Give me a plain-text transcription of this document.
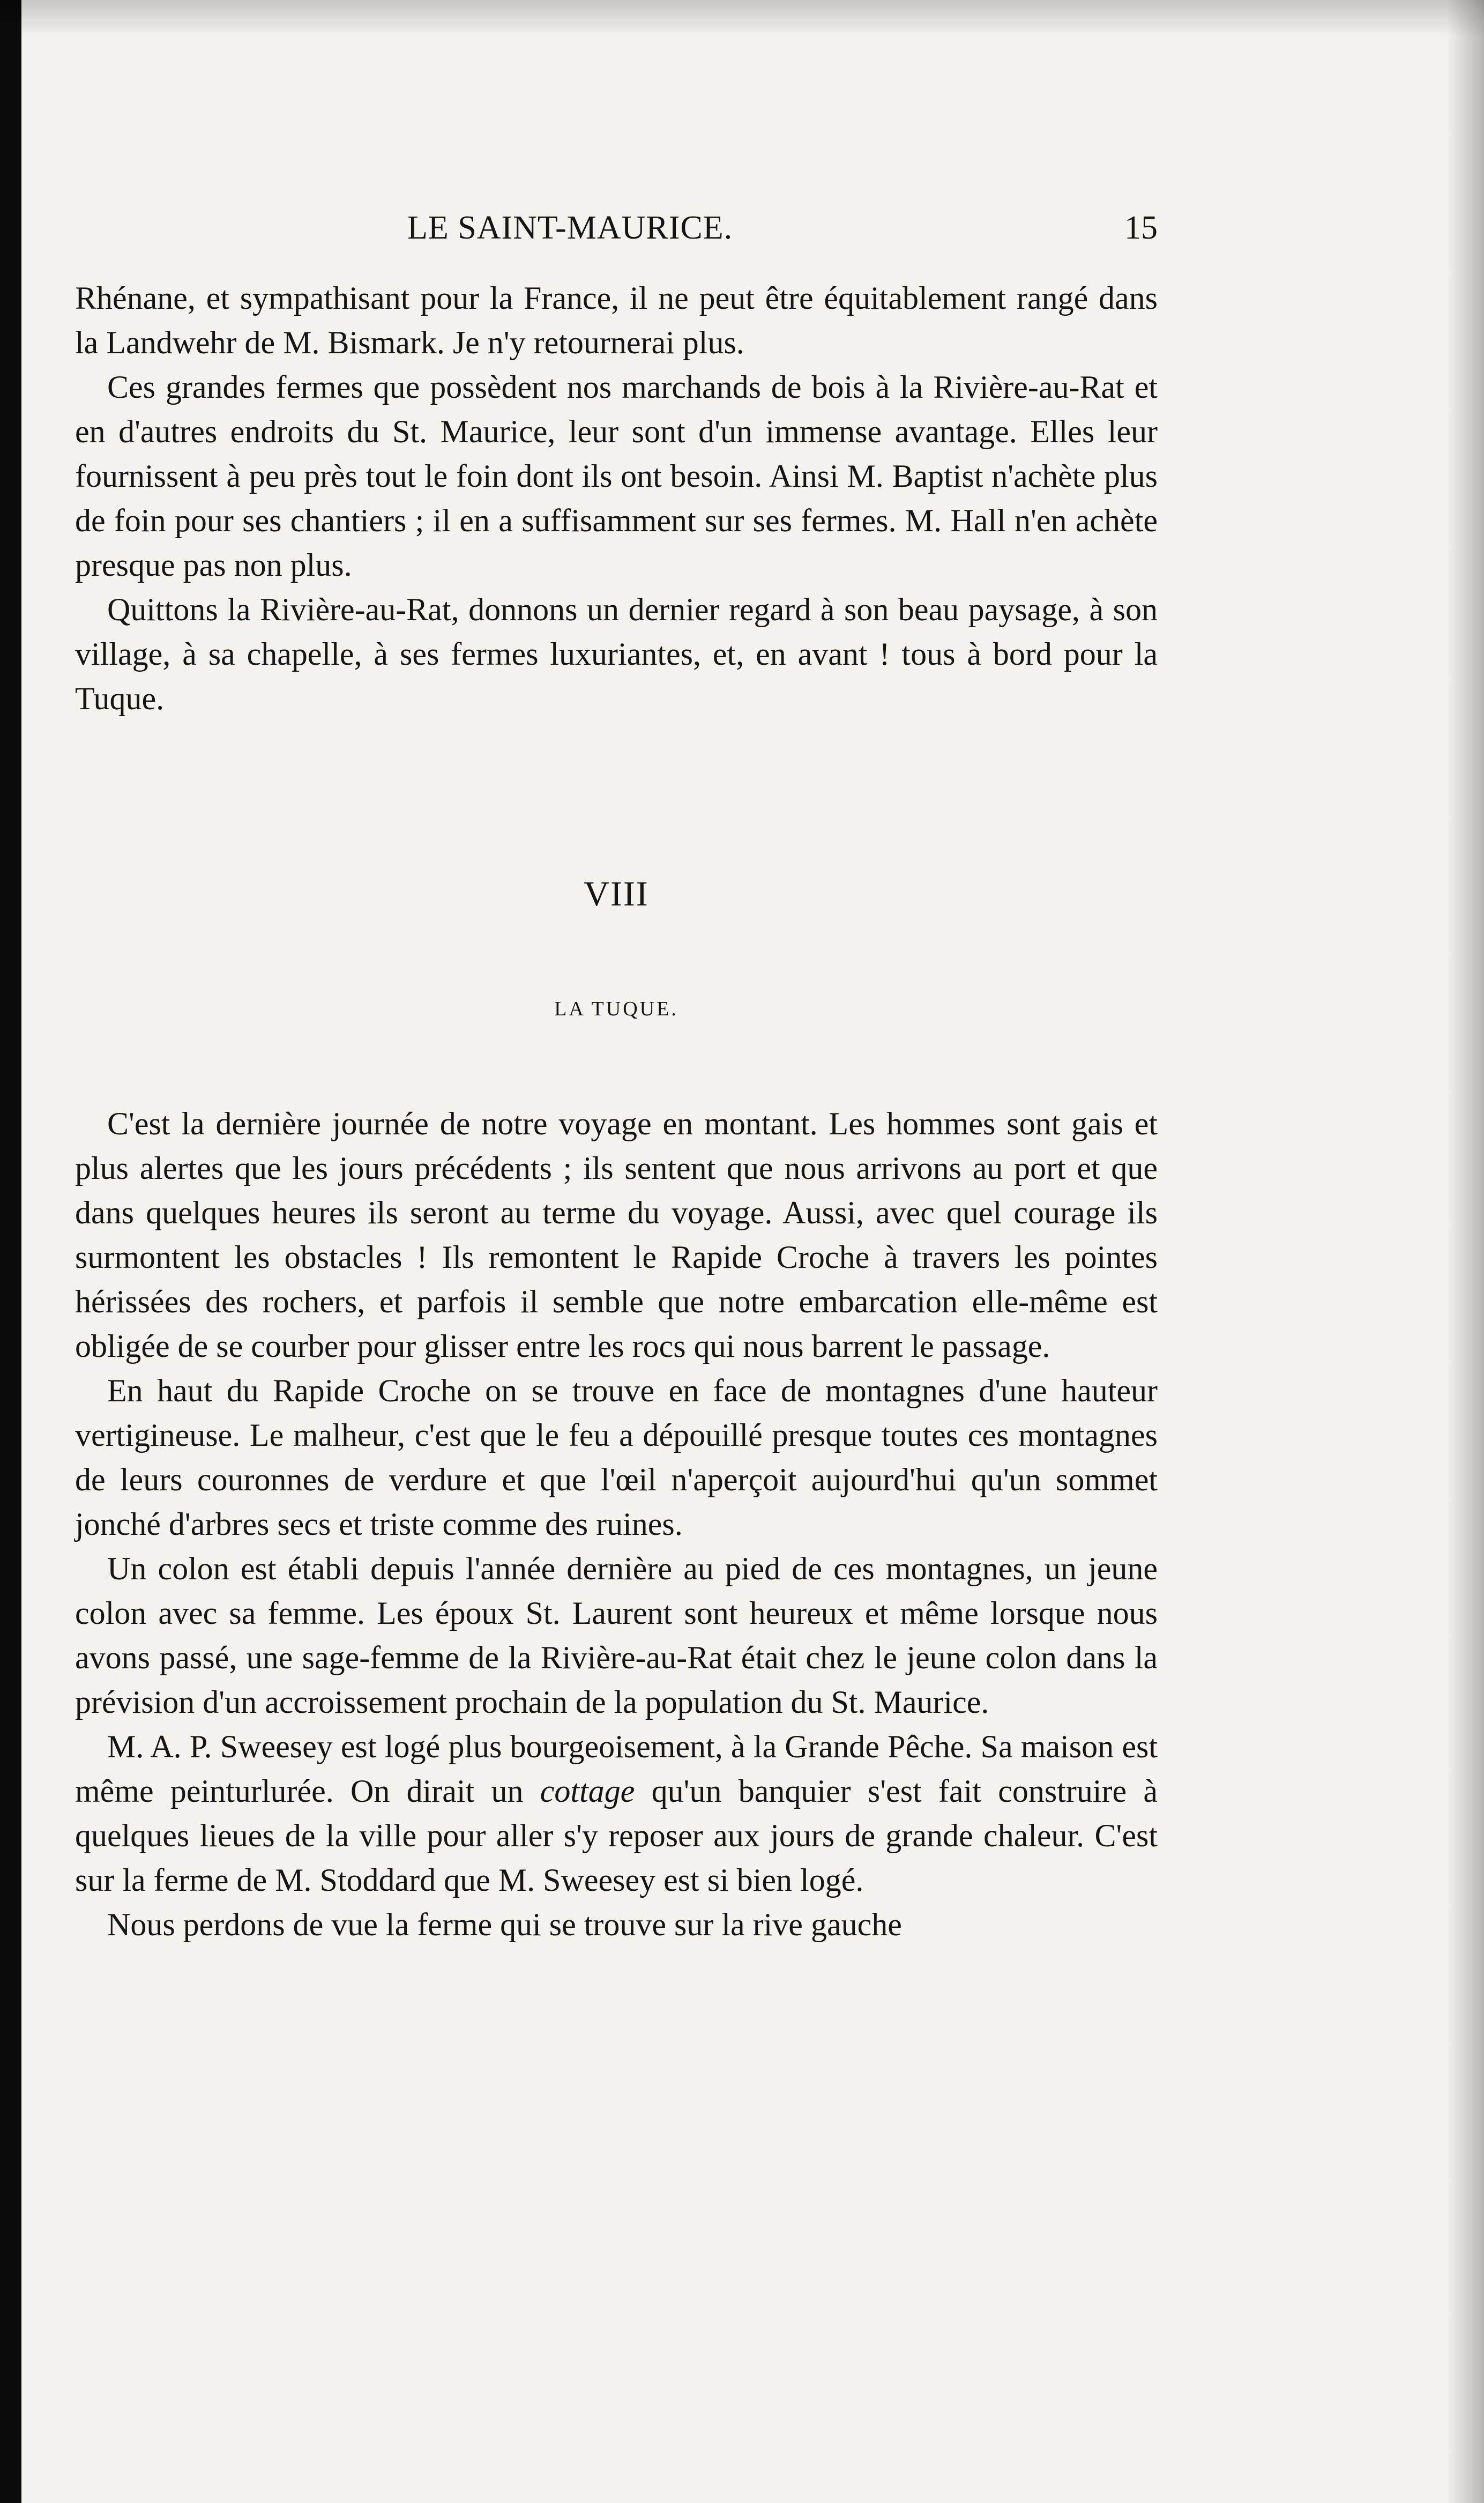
LE SAINT-MAURICE.	15

Rhénane, et sympathisant pour la France, il ne peut être équitablement rangé dans la Landwehr de M. Bismark. Je n'y retournerai plus.

Ces grandes fermes que possèdent nos marchands de bois à la Rivière-au-Rat et en d'autres endroits du St. Maurice, leur sont d'un immense avantage. Elles leur fournissent à peu près tout le foin dont ils ont besoin. Ainsi M. Baptist n'achète plus de foin pour ses chantiers ; il en a suffisamment sur ses fermes. M. Hall n'en achète presque pas non plus.

Quittons la Rivière-au-Rat, donnons un dernier regard à son beau paysage, à son village, à sa chapelle, à ses fermes luxuriantes, et, en avant ! tous à bord pour la Tuque.

VIII
LA TUQUE.

C'est la dernière journée de notre voyage en montant. Les hommes sont gais et plus alertes que les jours précédents ; ils sentent que nous arrivons au port et que dans quelques heures ils seront au terme du voyage. Aussi, avec quel courage ils surmontent les obstacles ! Ils remontent le Rapide Croche à travers les pointes hérissées des rochers, et parfois il semble que notre embarcation elle-même est obligée de se courber pour glisser entre les rocs qui nous barrent le passage.

En haut du Rapide Croche on se trouve en face de montagnes d'une hauteur vertigineuse. Le malheur, c'est que le feu a dépouillé presque toutes ces montagnes de leurs couronnes de verdure et que l'œil n'aperçoit aujourd'hui qu'un sommet jonché d'arbres secs et triste comme des ruines.

Un colon est établi depuis l'année dernière au pied de ces montagnes, un jeune colon avec sa femme. Les époux St. Laurent sont heureux et même lorsque nous avons passé, une sage-femme de la Rivière-au-Rat était chez le jeune colon dans la prévision d'un accroissement prochain de la population du St. Maurice.

M. A. P. Sweesey est logé plus bourgeoisement, à la Grande Pêche. Sa maison est même peinturlurée. On dirait un cottage qu'un banquier s'est fait construire à quelques lieues de la ville pour aller s'y reposer aux jours de grande chaleur. C'est sur la ferme de M. Stoddard que M. Sweesey est si bien logé.

Nous perdons de vue la ferme qui se trouve sur la rive gauche
